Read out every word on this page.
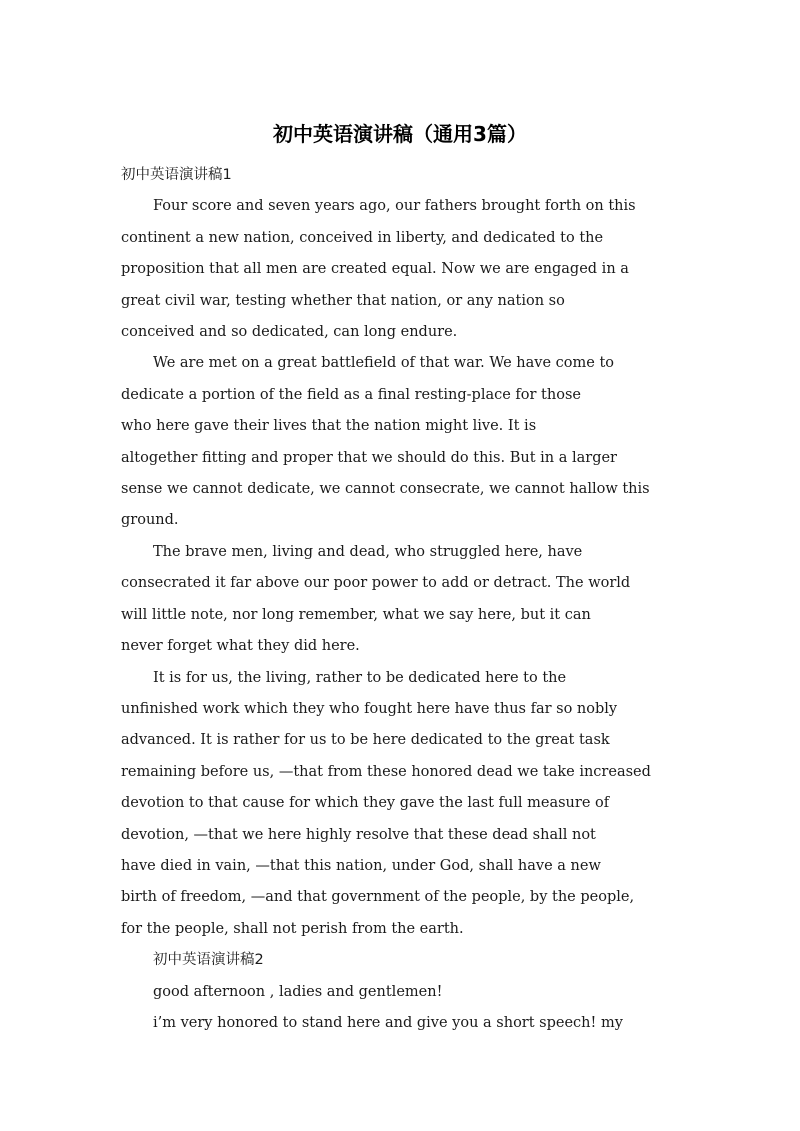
初中英语演讲稿（通用3篇）

初中英语演讲稿1

Four score and seven years ago, our fathers brought forth on this

continent a new nation, conceived in liberty, and dedicated to the
proposition that all men are created equal. Now we are engaged in a
great civil war, testing whether that nation, or any nation so
conceived and so dedicated, can long endure.

We are met on a great battlefield of that war. We have come to

dedicate a portion of the field as a final resting-place for those
who here gave their lives that the nation might live. It is
altogether fitting and proper that we should do this. But in a larger
sense we cannot dedicate, we cannot consecrate, we cannot hallow this
ground.

The brave men, living and dead, who struggled here, have

consecrated it far above our poor power to add or detract. The world
will little note, nor long remember, what we say here, but it can
never forget what they did here.

It is for us, the living, rather to be dedicated here to the

unfinished work which they who fought here have thus far so nobly
advanced. It is rather for us to be here dedicated to the great task
remaining before us, —that from these honored dead we take increased
devotion to that cause for which they gave the last full measure of
devotion, —that we here highly resolve that these dead shall not
have died in vain, —that this nation, under God, shall have a new
birth of freedom, —and that government of the people, by the people,
for the people, shall not perish from the earth.

初中英语演讲稿2

good afternoon , ladies and gentlemen!

i’m very honored to stand here and give you a short speech! my
